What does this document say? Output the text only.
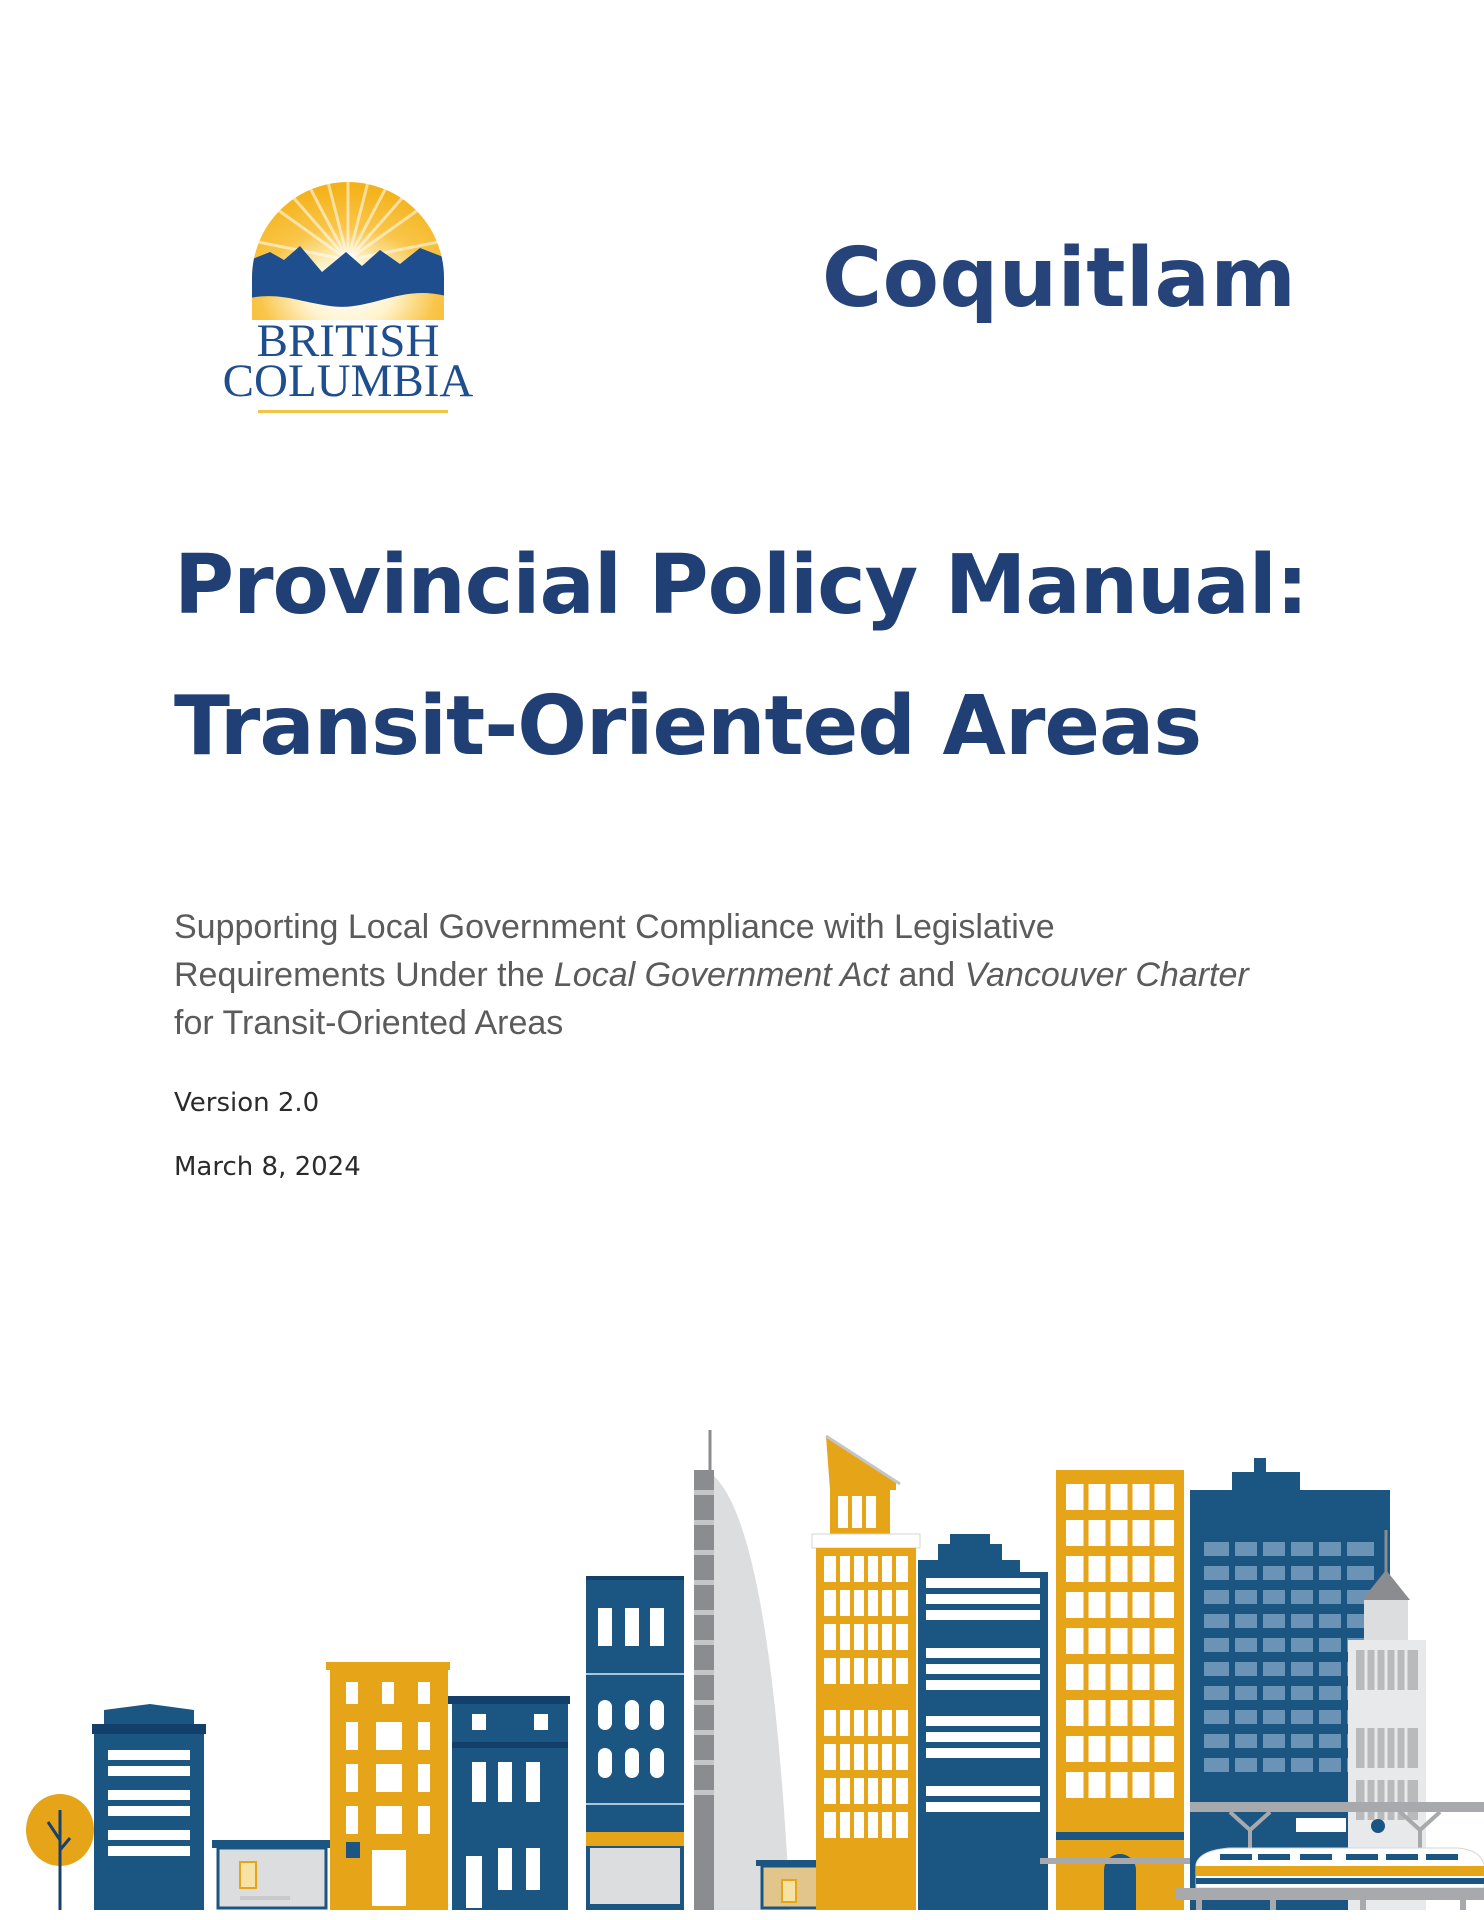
BRITISH
COLUMBIA
Coquitlam
Provincial Policy Manual:
Transit-Oriented Areas
Supporting Local Government Compliance with Legislative Requirements Under the Local Government Act and Vancouver Charter for Transit-Oriented Areas
Version 2.0
March 8, 2024
